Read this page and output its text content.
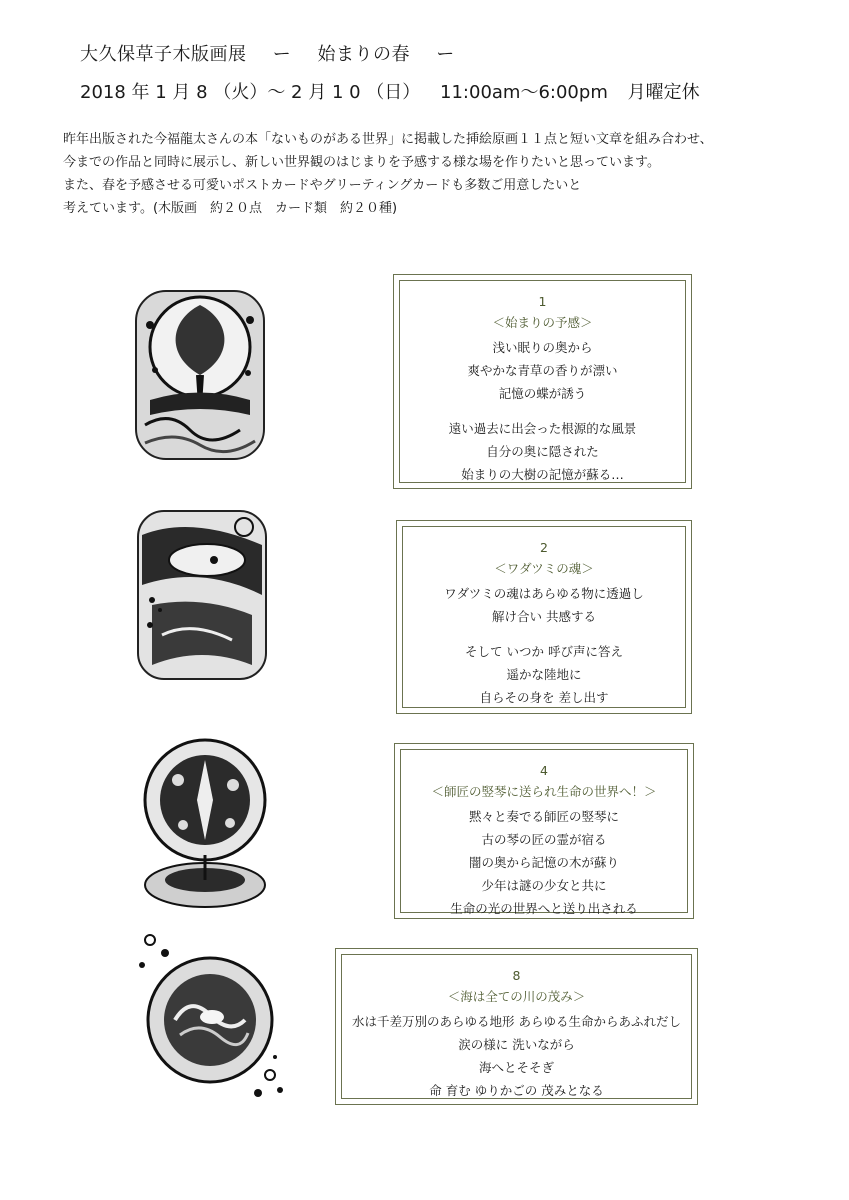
大久保草子木版画展 ー 始まりの春 ー
2018 年 1 月 8 （火）〜 2 月 1 0 （日） 11:00am〜6:00pm 月曜定休

昨年出版された今福龍太さんの本「ないものがある世界」に掲載した挿絵原画１１点と短い文章を組み合わせ、

今までの作品と同時に展示し、新しい世界観のはじまりを予感する様な場を作りたいと思っています。

また、春を予感させる可愛いポストカードやグリーティングカードも多数ご用意したいと

考えています。(木版画　約２０点　カード類　約２０種)

1
＜始まりの予感＞
浅い眠りの奥から
爽やかな青草の香りが漂い
記憶の蝶が誘う
遠い過去に出会った根源的な風景
自分の奥に隠された
始まりの大樹の記憶が蘇る…
2
＜ワダツミの魂＞
ワダツミの魂はあらゆる物に透過し
解け合い 共感する
そして いつか 呼び声に答え
遥かな陸地に
自らその身を 差し出す
4
＜師匠の竪琴に送られ生命の世界へ！＞
黙々と奏でる師匠の竪琴に
古の琴の匠の霊が宿る
闇の奥から記憶の木が蘇り
少年は謎の少女と共に
生命の光の世界へと送り出される
8
＜海は全ての川の茂み＞
水は千差万別のあらゆる地形 あらゆる生命からあふれだし
涙の様に 洗いながら
海へとそそぎ
命 育む ゆりかごの 茂みとなる
